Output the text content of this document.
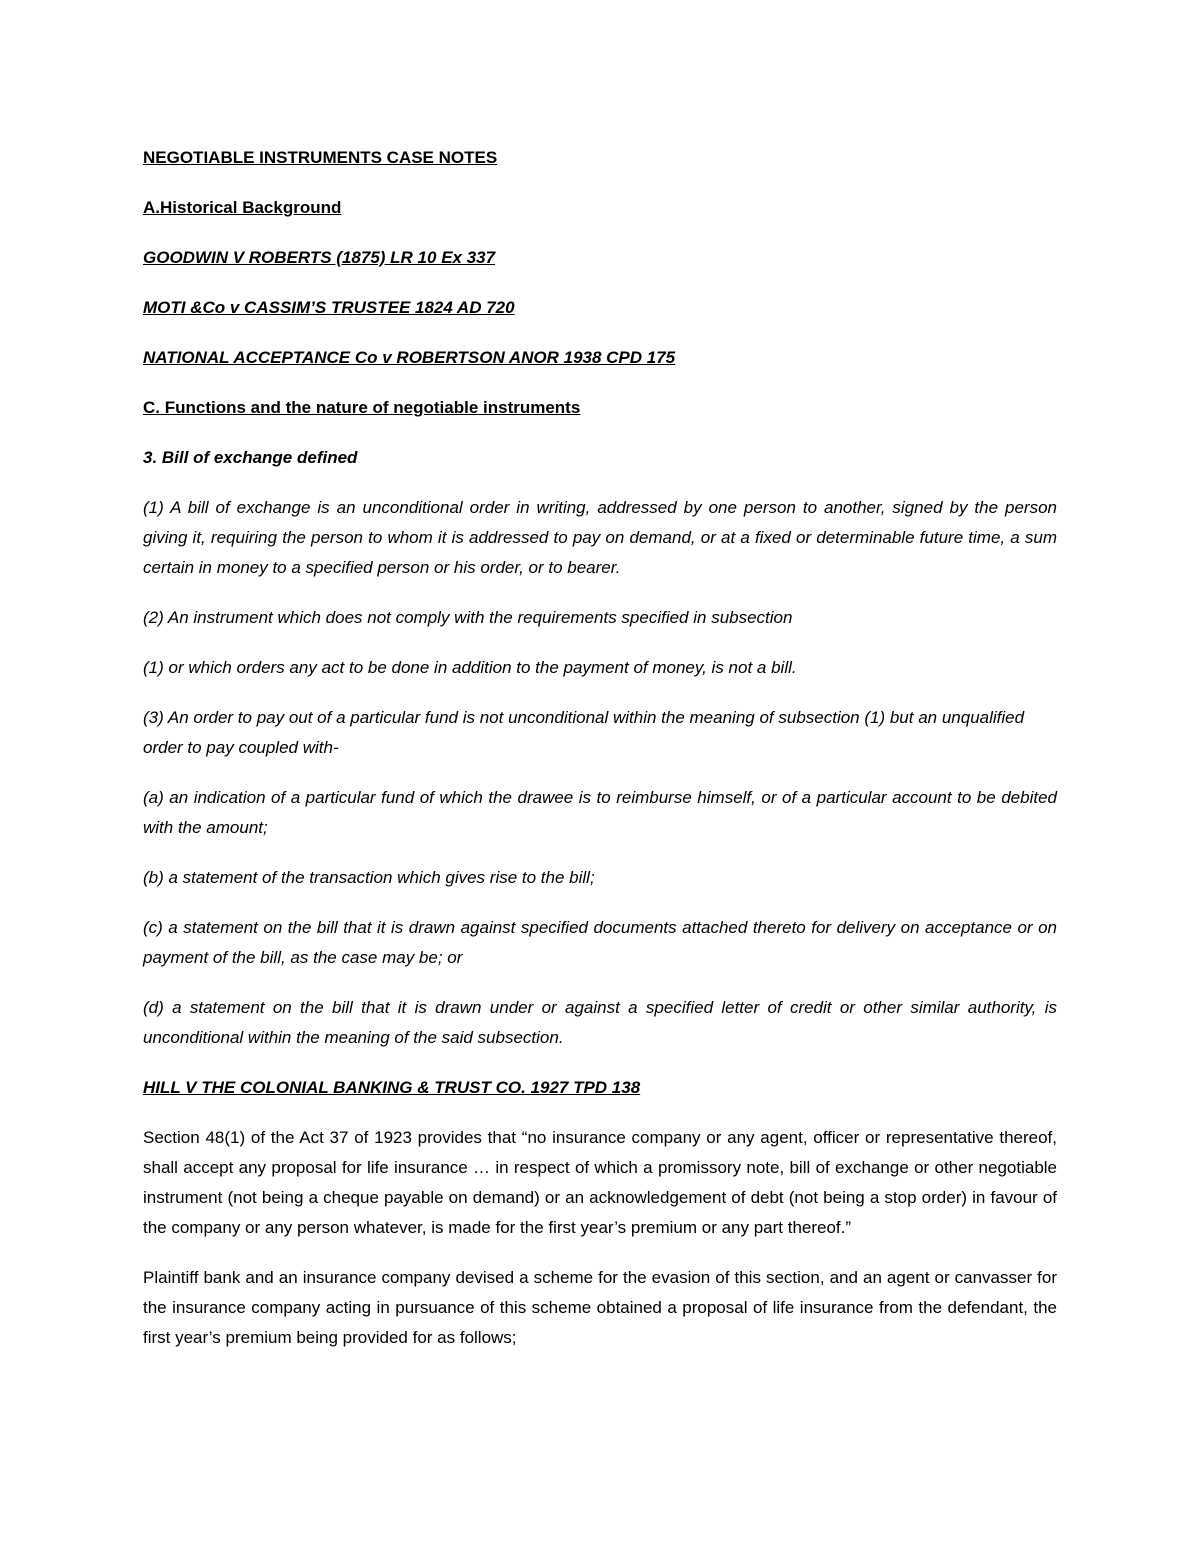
NEGOTIABLE INSTRUMENTS CASE NOTES
A.Historical Background
GOODWIN V ROBERTS (1875) LR 10 Ex 337
MOTI &Co v CASSIM’S TRUSTEE 1824 AD 720
NATIONAL ACCEPTANCE Co v ROBERTSON ANOR 1938 CPD 175
C. Functions and the nature of negotiable instruments
3. Bill of exchange defined
(1) A bill of exchange is an unconditional order in writing, addressed by one person to another, signed by the person giving it, requiring the person to whom it is addressed to pay on demand, or at a fixed or determinable future time, a sum certain in money to a specified person or his order, or to bearer.
(2) An instrument which does not comply with the requirements specified in subsection
(1) or which orders any act to be done in addition to the payment of money, is not a bill.
(3) An order to pay out of a particular fund is not unconditional within the meaning of subsection (1) but an unqualified order to pay coupled with-
(a) an indication of a particular fund of which the drawee is to reimburse himself, or of a particular account to be debited with the amount;
(b) a statement of the transaction which gives rise to the bill;
(c) a statement on the bill that it is drawn against specified documents attached thereto for delivery on acceptance or on payment of the bill, as the case may be; or
(d) a statement on the bill that it is drawn under or against a specified letter of credit or other similar authority, is unconditional within the meaning of the said subsection.
HILL V THE COLONIAL BANKING & TRUST CO. 1927 TPD 138
Section 48(1) of the Act 37 of 1923 provides that “no insurance company or any agent, officer or representative thereof, shall accept any proposal for life insurance … in respect of which a promissory note, bill of exchange or other negotiable instrument (not being a cheque payable on demand) or an acknowledgement of debt (not being a stop order) in favour of the company or any person whatever, is made for the first year’s premium or any part thereof.”
Plaintiff bank and an insurance company devised a scheme for the evasion of this section, and an agent or canvasser for the insurance company acting in pursuance of this scheme obtained a proposal of life insurance from the defendant, the first year’s premium being provided for as follows;
